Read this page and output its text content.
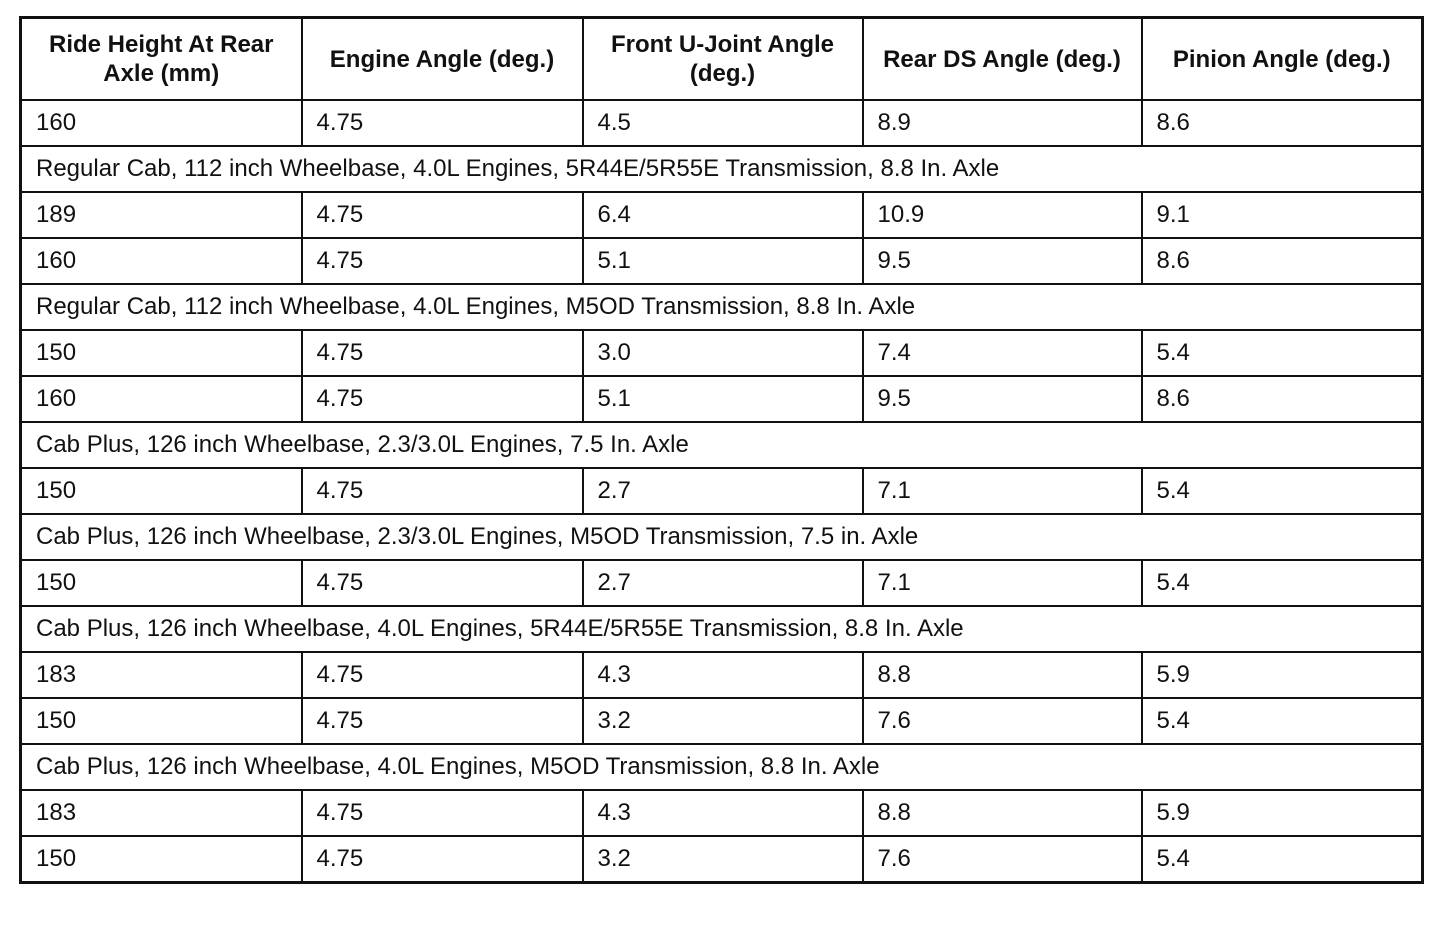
Ride Height At Rear Axle (mm)	Engine Angle (deg.)	Front U-Joint Angle (deg.)	Rear DS Angle (deg.)	Pinion Angle (deg.)
160	4.75	4.5	8.9	8.6
Regular Cab, 112 inch Wheelbase, 4.0L Engines, 5R44E/5R55E Transmission, 8.8 In. Axle				
189	4.75	6.4	10.9	9.1
160	4.75	5.1	9.5	8.6
Regular Cab, 112 inch Wheelbase, 4.0L Engines, M5OD Transmission, 8.8 In. Axle				
150	4.75	3.0	7.4	5.4
160	4.75	5.1	9.5	8.6
Cab Plus, 126 inch Wheelbase, 2.3/3.0L Engines, 7.5 In. Axle				
150	4.75	2.7	7.1	5.4
Cab Plus, 126 inch Wheelbase, 2.3/3.0L Engines, M5OD Transmission, 7.5 in. Axle				
150	4.75	2.7	7.1	5.4
Cab Plus, 126 inch Wheelbase, 4.0L Engines, 5R44E/5R55E Transmission, 8.8 In. Axle				
183	4.75	4.3	8.8	5.9
150	4.75	3.2	7.6	5.4
Cab Plus, 126 inch Wheelbase, 4.0L Engines, M5OD Transmission, 8.8 In. Axle				
183	4.75	4.3	8.8	5.9
150	4.75	3.2	7.6	5.4
